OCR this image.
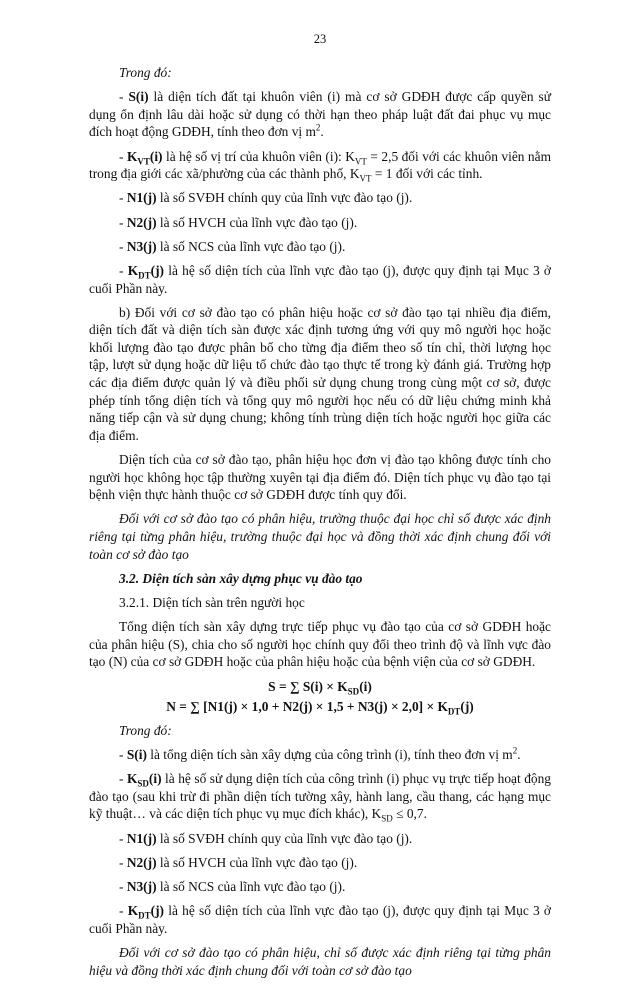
23

Trong đó:

- S(i) là diện tích đất tại khuôn viên (i) mà cơ sở GDĐH được cấp quyền sử dụng ổn định lâu dài hoặc sử dụng có thời hạn theo pháp luật đất đai phục vụ mục đích hoạt động GDĐH, tính theo đơn vị $m^2$.

- $K_{VT}(i)$ là hệ số vị trí của khuôn viên (i): $K_{VT} = 2,5$ đối với các khuôn viên nằm trong địa giới các xã/phường của các thành phố, $K_{VT} = 1$ đối với các tỉnh.

- N1(j) là số SVĐH chính quy của lĩnh vực đào tạo (j).

- N2(j) là số HVCH của lĩnh vực đào tạo (j).

- N3(j) là số NCS của lĩnh vực đào tạo (j).

- $K_{DT}(j)$ là hệ số diện tích của lĩnh vực đào tạo (j), được quy định tại Mục 3 ở cuối Phần này.

b) Đối với cơ sở đào tạo có phân hiệu hoặc cơ sở đào tạo tại nhiều địa điểm, diện tích đất và diện tích sàn được xác định tương ứng với quy mô người học hoặc khối lượng đào tạo được phân bổ cho từng địa điểm theo số tín chỉ, thời lượng học tập, lượt sử dụng hoặc dữ liệu tổ chức đào tạo thực tế trong kỳ đánh giá. Trường hợp các địa điểm được quản lý và điều phối sử dụng chung trong cùng một cơ sở, được phép tính tổng diện tích và tổng quy mô người học nếu có dữ liệu chứng minh khả năng tiếp cận và sử dụng chung; không tính trùng diện tích hoặc người học giữa các địa điểm.

Diện tích của cơ sở đào tạo, phân hiệu học đơn vị đào tạo không được tính cho người học không học tập thường xuyên tại địa điểm đó. Diện tích phục vụ đào tạo tại bệnh viện thực hành thuộc cơ sở GDĐH được tính quy đổi.

Đối với cơ sở đào tạo có phân hiệu, trường thuộc đại học chỉ số được xác định riêng tại từng phân hiệu, trường thuộc đại học và đồng thời xác định chung đối với toàn cơ sở đào tạo

3.2. Diện tích sàn xây dựng phục vụ đào tạo

3.2.1. Diện tích sàn trên người học

Tổng diện tích sàn xây dựng trực tiếp phục vụ đào tạo của cơ sở GDĐH hoặc của phân hiệu (S), chia cho số người học chính quy đổi theo trình độ và lĩnh vực đào tạo (N) của cơ sở GDĐH hoặc của phân hiệu hoặc của bệnh viện của cơ sở GDĐH.

S = ∑ $S(i) \times K_{SD}(i)$

N = ∑ $[N1(j) \times 1,0 + N2(j) \times 1,5 + N3(j) \times 2,0] \times K_{DT}(j)$

Trong đó:

- S(i) là tổng diện tích sàn xây dựng của công trình (i), tính theo đơn vị $m^2$.

- $K_{SD}(i)$ là hệ số sử dụng diện tích của công trình (i) phục vụ trực tiếp hoạt động đào tạo (sau khi trừ đi phần diện tích tường xây, hành lang, cầu thang, các hạng mục kỹ thuật… và các diện tích phục vụ mục đích khác), $K_{SD} \le 0,7$.

- N1(j) là số SVĐH chính quy của lĩnh vực đào tạo (j).

- N2(j) là số HVCH của lĩnh vực đào tạo (j).

- N3(j) là số NCS của lĩnh vực đào tạo (j).

- $K_{DT}(j)$ là hệ số diện tích của lĩnh vực đào tạo (j), được quy định tại Mục 3 ở cuối Phần này.

Đối với cơ sở đào tạo có phân hiệu, chỉ số được xác định riêng tại từng phân hiệu và đồng thời xác định chung đối với toàn cơ sở đào tạo
